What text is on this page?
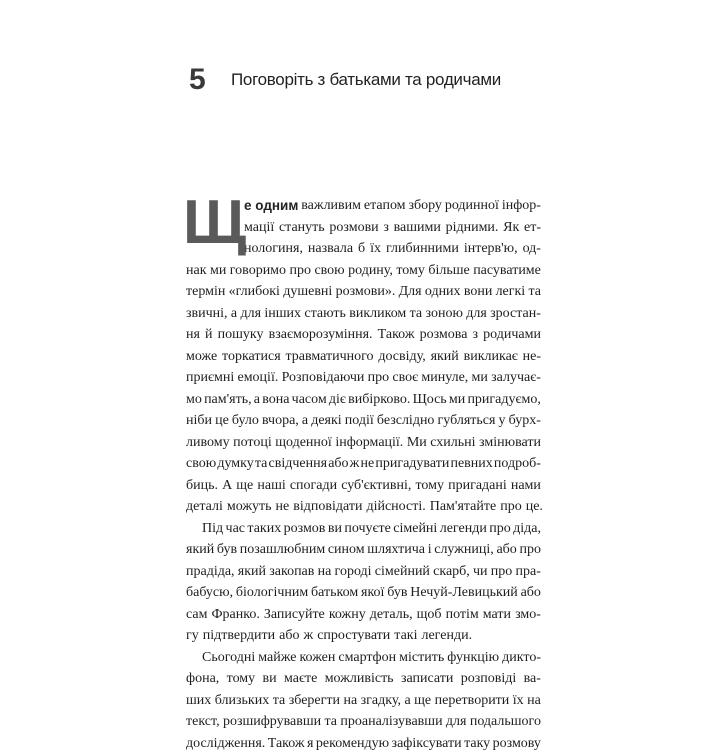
5 Поговоріть з батьками та родичами
Щ
е одним важливим етапом збору родинної інфор-
мації стануть розмови з вашими рідними. Як ет-
нологиня, назвала б їх глибинними інтерв'ю, од-
нак ми говоримо про свою родину, тому більше пасуватиме
термін «глибокі душевні розмови». Для одних вони легкі та
звичні, а для інших стають викликом та зоною для зростан-
ня й пошуку взаєморозуміння. Також розмова з родичами
може торкатися травматичного досвіду, який викликає не-
приємні емоції. Розповідаючи про своє минуле, ми залучає-
мо пам'ять, а вона часом діє вибірково. Щось ми пригадуємо,
ніби це було вчора, а деякі події безслідно губляться у бурх-
ливому потоці щоденної інформації. Ми схильні змінювати
свою думку та свідчення або ж не пригадувати певних подроб-
биць. А ще наші спогади суб'єктивні, тому пригадані нами
деталі можуть не відповідати дійсності. Пам'ятайте про це.
Під час таких розмов ви почуєте сімейні легенди про діда,
який був позашлюбним сином шляхтича і служниці, або про
прадіда, який закопав на городі сімейний скарб, чи про пра-
бабусю, біологічним батьком якої був Нечуй-Левицький або
сам Франко. Записуйте кожну деталь, щоб потім мати змо-
гу підтвердити або ж спростувати такі легенди.
Сьогодні майже кожен смартфон містить функцію дикто-
фона, тому ви маєте можливість записати розповіді ва-
ших близьких та зберегти на згадку, а ще перетворити їх на
текст, розшифрувавши та проаналізувавши для подальшого
дослідження. Також я рекомендую зафіксувати таку розмову
